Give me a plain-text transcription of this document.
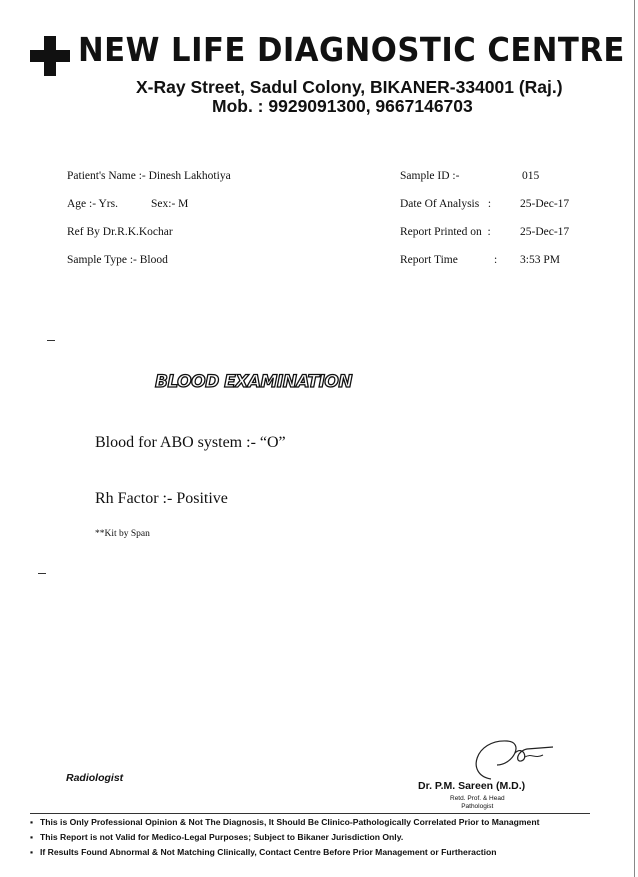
NEW LIFE DIAGNOSTIC CENTRE
X-Ray Street, Sadul Colony, BIKANER-334001 (Raj.)
Mob. : 9929091300, 9667146703
Patient's Name :- Dinesh Lakhotiya
Age :- Yrs.	Sex:- M
Ref By Dr.R.K.Kochar
Sample Type :- Blood
Sample ID :-	015
Date Of Analysis   :	25-Dec-17
Report Printed on  :	25-Dec-17
Report Time	: 3:53 PM
BLOOD EXAMINATION
Blood for ABO system :- “O”
Rh Factor :- Positive
**Kit by Span
Radiologist
Dr. P.M. Sareen (M.D.)
Retd. Prof. & Head
Pathologist
▪ This is Only Professional Opinion & Not The Diagnosis, It Should Be Clinico-Pathologically Correlated Prior to Managment
▪ This Report is not Valid for Medico-Legal Purposes; Subject to Bikaner Jurisdiction Only.
▪ If Results Found Abnormal & Not Matching Clinically, Contact Centre Before Prior Management or Furtheraction
